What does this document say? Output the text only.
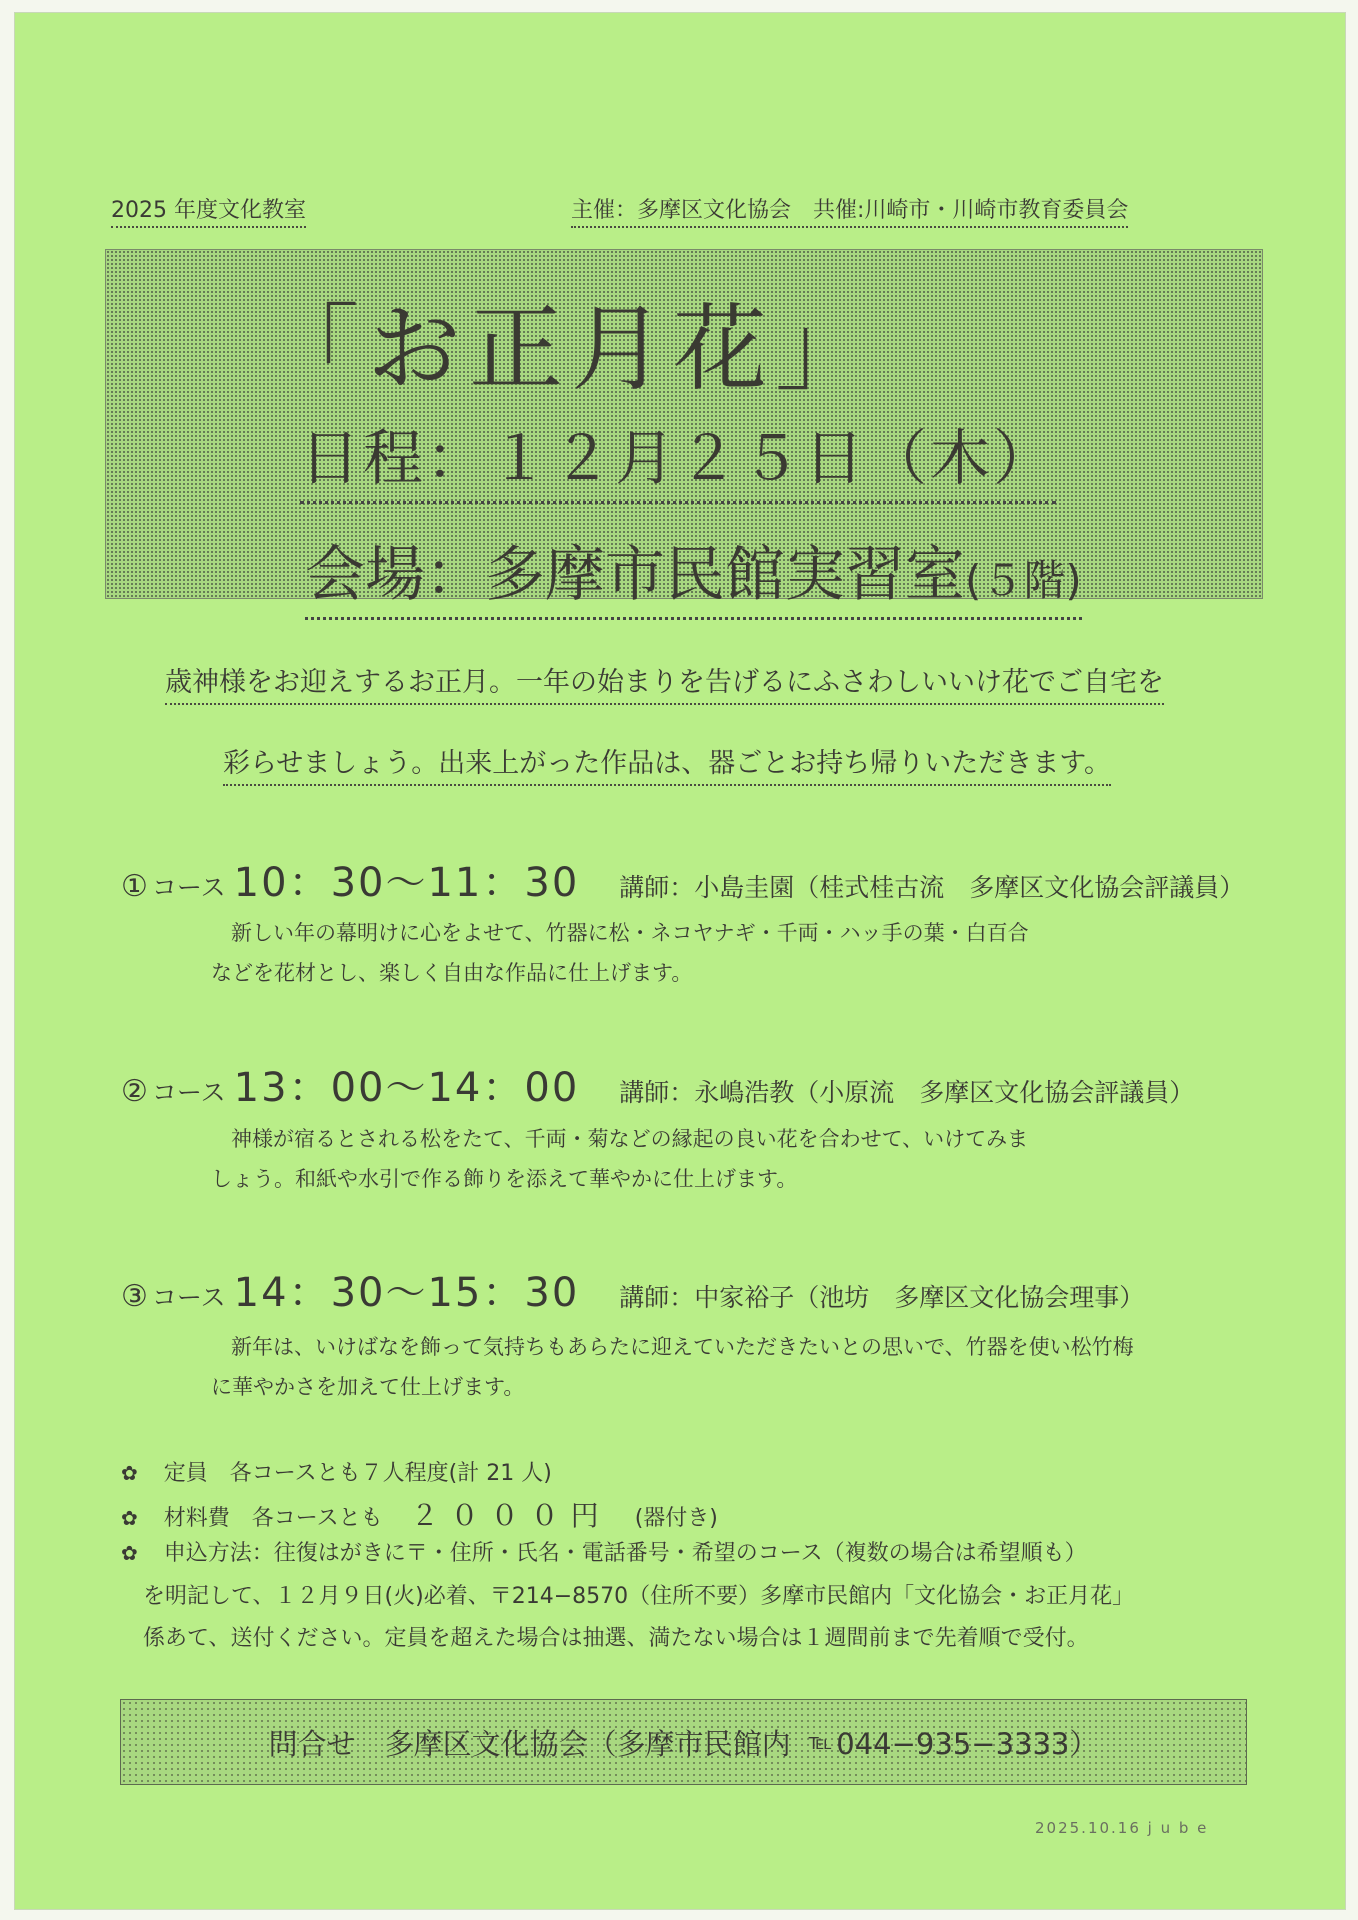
2025 年度文化教室	主催：多摩区文化協会　共催:川崎市・川崎市教育委員会
「お正月花」
日程：１２月２５日（木）
会場：多摩市民館実習室(５階)
歳神様をお迎えするお正月。一年の始まりを告げるにふさわしいいけ花でご自宅を
彩らせましょう。出来上がった作品は、器ごとお持ち帰りいただきます。
① コース 10：30〜11：30 講師：小島圭園（桂式桂古流　多摩区文化協会評議員）
新しい年の幕明けに心をよせて、竹器に松・ネコヤナギ・千両・ハッ手の葉・白百合
などを花材とし、楽しく自由な作品に仕上げます。
② コース 13：00〜14：00 講師：永嶋浩教（小原流　多摩区文化協会評議員）
神様が宿るとされる松をたて、千両・菊などの縁起の良い花を合わせて、いけてみま
しょう。和紙や水引で作る飾りを添えて華やかに仕上げます。
③ コース 14：30〜15：30 講師：中家裕子（池坊　多摩区文化協会理事）
新年は、いけばなを飾って気持ちもあらたに迎えていただきたいとの思いで、竹器を使い松竹梅
に華やかさを加えて仕上げます。
✿ 定員　各コースとも７人程度(計 21 人)
✿ 材料費　各コースとも ２０００円 (器付き)
✿ 申込方法：往復はがきに〒・住所・氏名・電話番号・希望のコース（複数の場合は希望順も）
を明記して、１２月９日(火)必着、〒214−8570（住所不要）多摩市民館内「文化協会・お正月花」
係あて、送付ください。定員を超えた場合は抽選、満たない場合は１週間前まで先着順で受付。
問合せ　多摩区文化協会（多摩市民館内 ℡ 044−935−3333）
2025.10.16 j u b e
